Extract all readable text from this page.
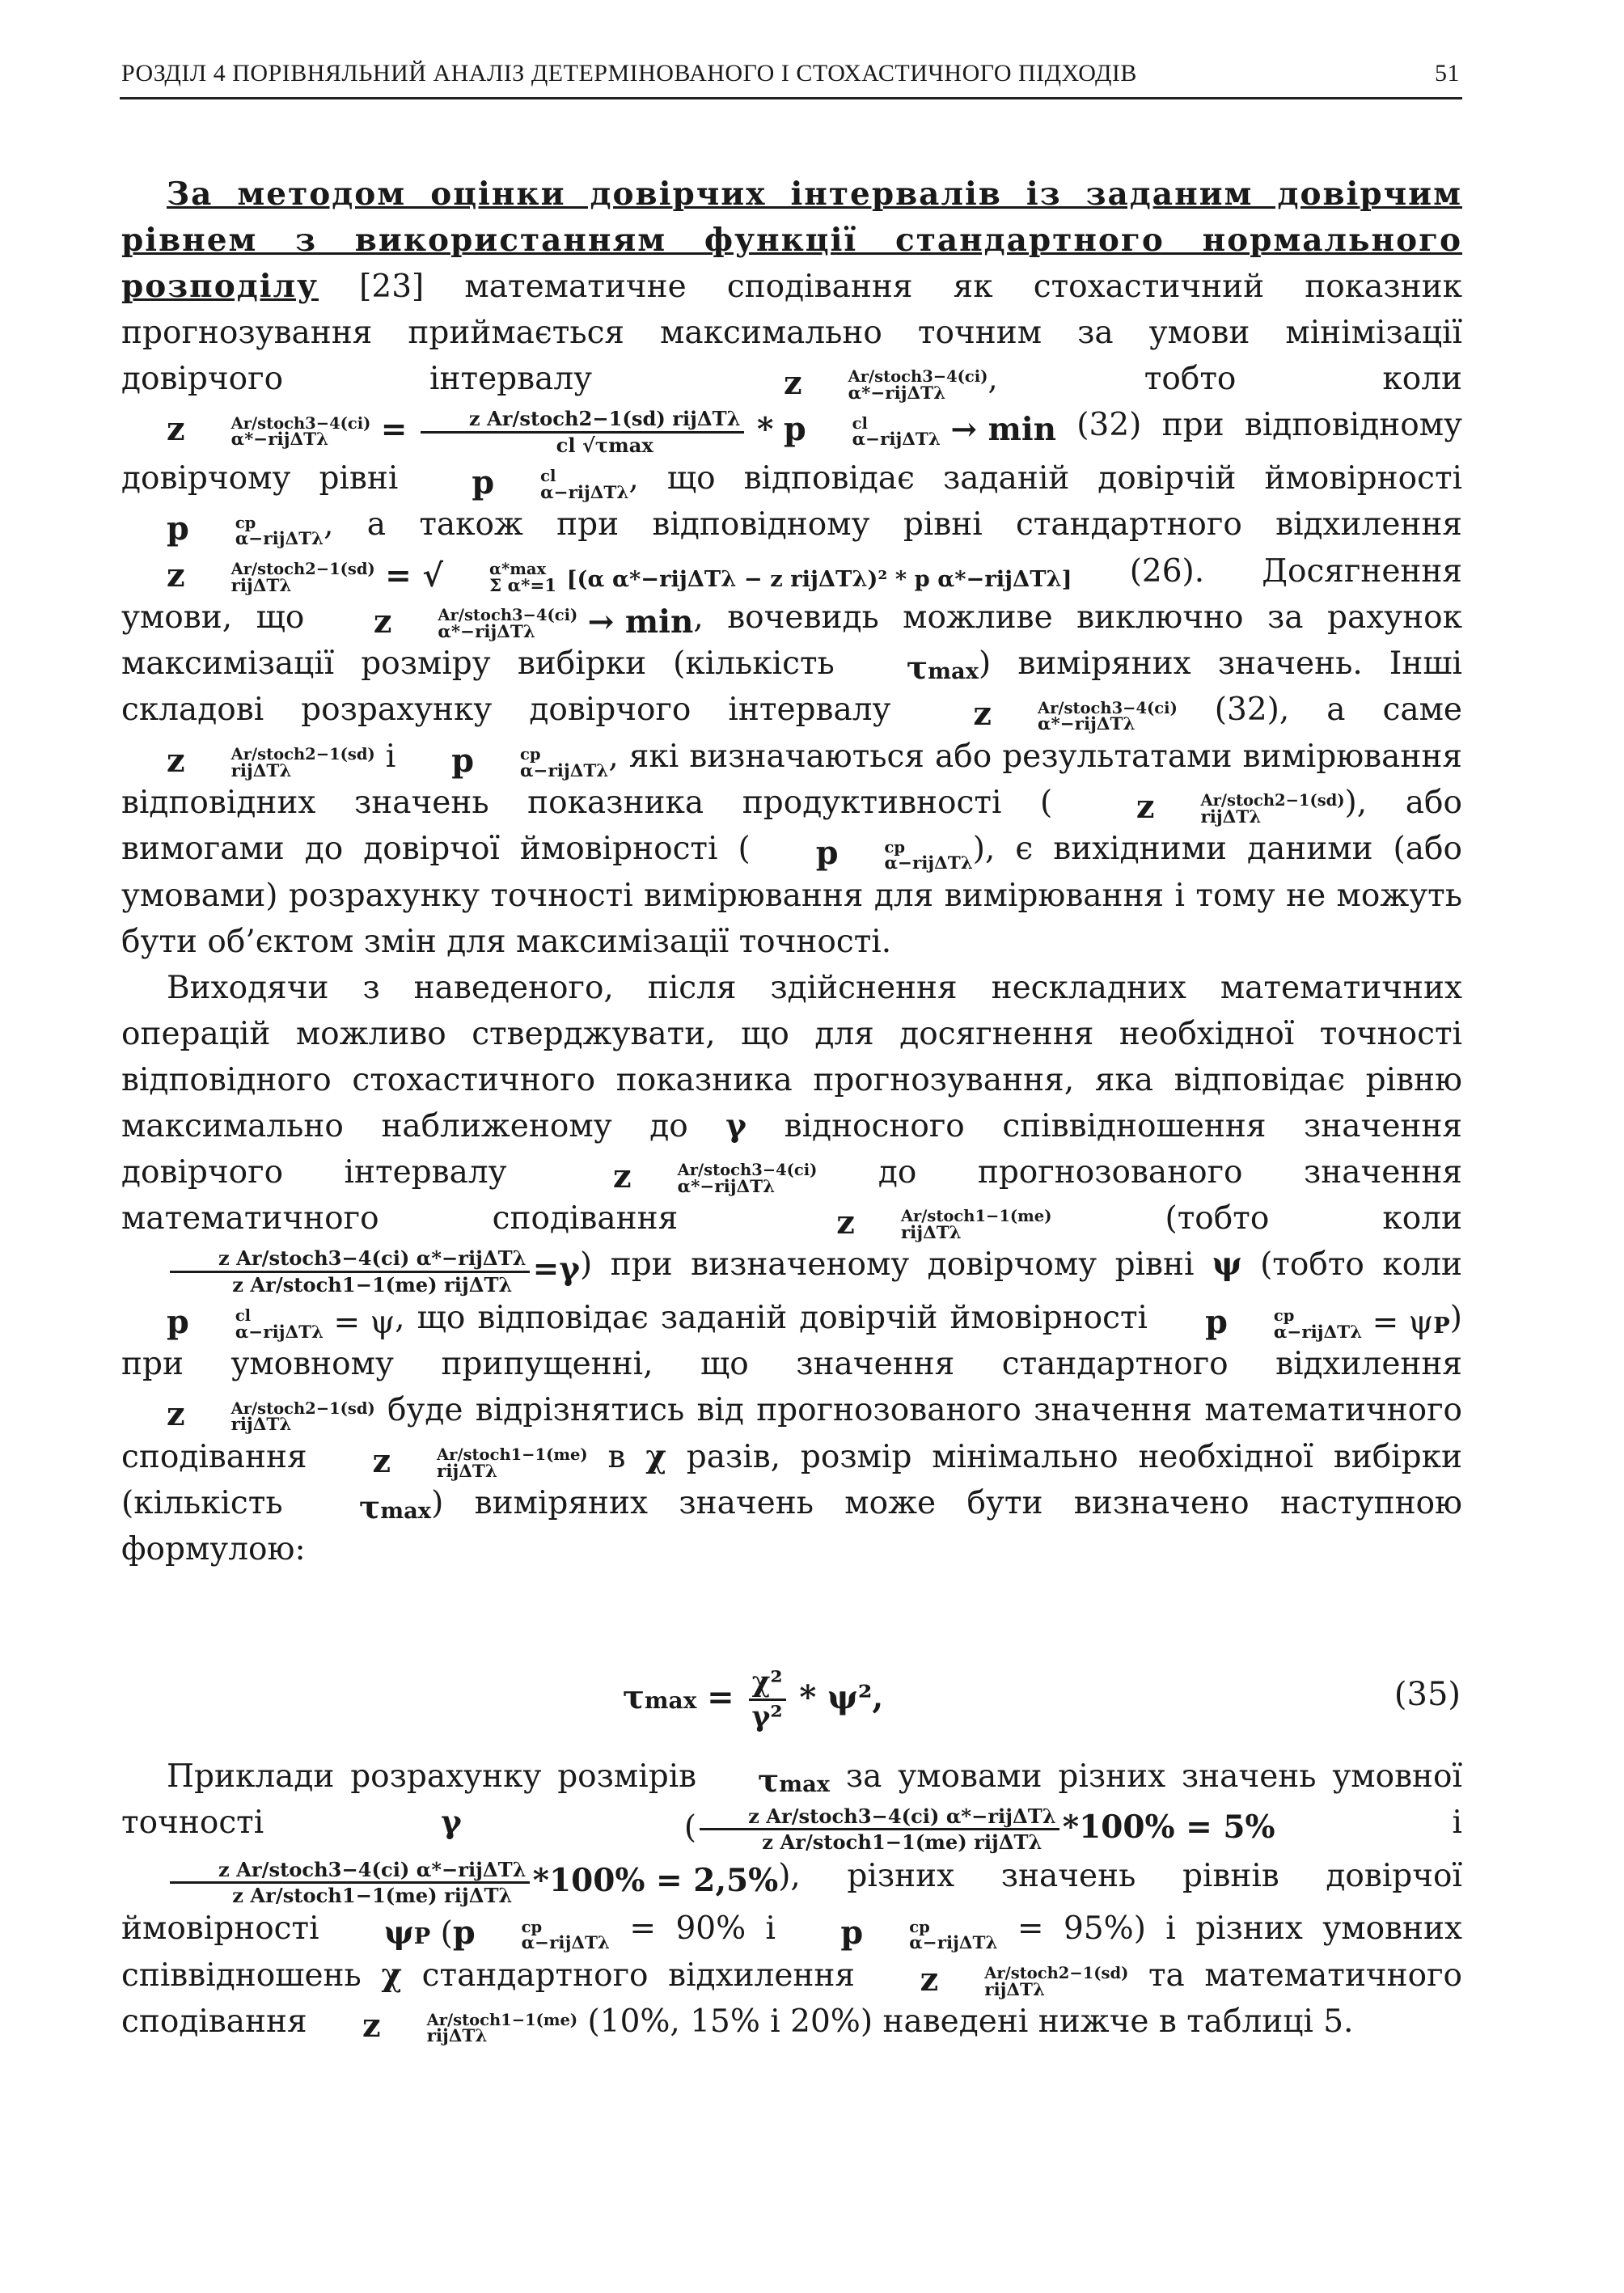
РОЗДІЛ 4 ПОРІВНЯЛЬНИЙ АНАЛІЗ ДЕТЕРМІНОВАНОГО І СТОХАСТИЧНОГО ПІДХОДІВ	51

За методом оцінки довірчих інтервалів із заданим довірчим рівнем з використанням функції стандартного нормального розподілу [23] математичне сподівання як стохастичний показник прогнозування приймається максимально точним за умови мінімізації довірчого інтервалу z	Ar/stoch3−4(ci)
α*−rijΔTλ	, тобто коли z	Ar/stoch3−4(ci)
α*−rijΔTλ	= $\frac{\text{z Ar/stoch2−1(sd) rijΔTλ}}{cl √\tau\max}$ * p	cl
α−rijΔTλ → min (32) при відповідному довірчому рівні p	cl
α−rijΔTλ , що відповідає заданій довірчій ймовірності p	cp
α−rijΔTλ , а також при відповідному рівні стандартного відхилення z	Ar/stoch2−1(sd)
rijΔTλ	= √	α*max
Σ α*=1 [(α α*−rijΔTλ − z rijΔTλ)² * p α*−rijΔTλ] (26). Досягнення умови, що z	Ar/stoch3−4(ci)
α*−rijΔTλ	→ min, вочевидь можливе виключно за рахунок максимізації розміру вибірки (кількість τmax) виміряних значень. Інші складові розрахунку довірчого інтервалу z	Ar/stoch3−4(ci)
α*−rijΔTλ	(32), а саме z	Ar/stoch2−1(sd)
rijΔTλ	і p	cp
α−rijΔTλ , які визначаються або результатами вимірювання відповідних значень показника продуктивності ( z	Ar/stoch2−1(sd)
rijΔTλ	), або вимогами до довірчої ймовірності ( p	cp
α−rijΔTλ ), є вихідними даними (або умовами) розрахунку точності вимірювання для вимірювання і тому не можуть бути об’єктом змін для максимізації точності.

Виходячи з наведеного, після здійснення нескладних математичних операцій можливо стверджувати, що для досягнення необхідної точності відповідного стохастичного показника прогнозування, яка відповідає рівню максимально наближеному до γ відносного співвідношення значення довірчого інтервалу z	Ar/stoch3−4(ci)
α*−rijΔTλ	до прогнозованого значення математичного сподівання z	Ar/stoch1−1(me)
rijΔTλ	(тобто коли
$\frac{\text{z Ar/stoch3−4(ci) α*−rijΔTλ}}{\text{z Ar/stoch1−1(me) rijΔTλ}} =\gamma$) при визначеному довірчому рівні ψ (тобто коли p	cl
α−rijΔTλ = ψ, що відповідає заданій довірчій ймовірності p	cp
α−rijΔTλ = ψP) при умовному припущенні, що значення стандартного відхилення z	Ar/stoch2−1(sd)
rijΔTλ	буде відрізнятись від прогнозованого значення математичного сподівання z	Ar/stoch1−1(me)
rijΔTλ	в χ разів, розмір мінімально необхідної вибірки (кількість τmax) виміряних значень може бути визначено наступною формулою:

$\tau\max = \frac{\text{χ²}}{\text{γ²}} * \psi^2$,	(35)

Приклади розрахунку розмірів τmax за умовами різних значень умовної точності γ	( $\frac{\text{z Ar/stoch3−4(ci) α*−rijΔTλ}}{\text{z Ar/stoch1−1(me) rijΔTλ}} *100\% = 5\%$ і
$\frac{\text{z Ar/stoch3−4(ci) α*−rijΔTλ}}{\text{z Ar/stoch1−1(me) rijΔTλ}} *100\% = 2,5\%$), різних значень рівнів довірчої ймовірності ψP (p	cp
α−rijΔTλ = 90% і p	cp
α−rijΔTλ = 95%) і різних умовних співвідношень χ стандартного відхилення z	Ar/stoch2−1(sd)
rijΔTλ	та математичного сподівання z	Ar/stoch1−1(me)
rijΔTλ	(10%, 15% і 20%) наведені нижче в таблиці 5.
